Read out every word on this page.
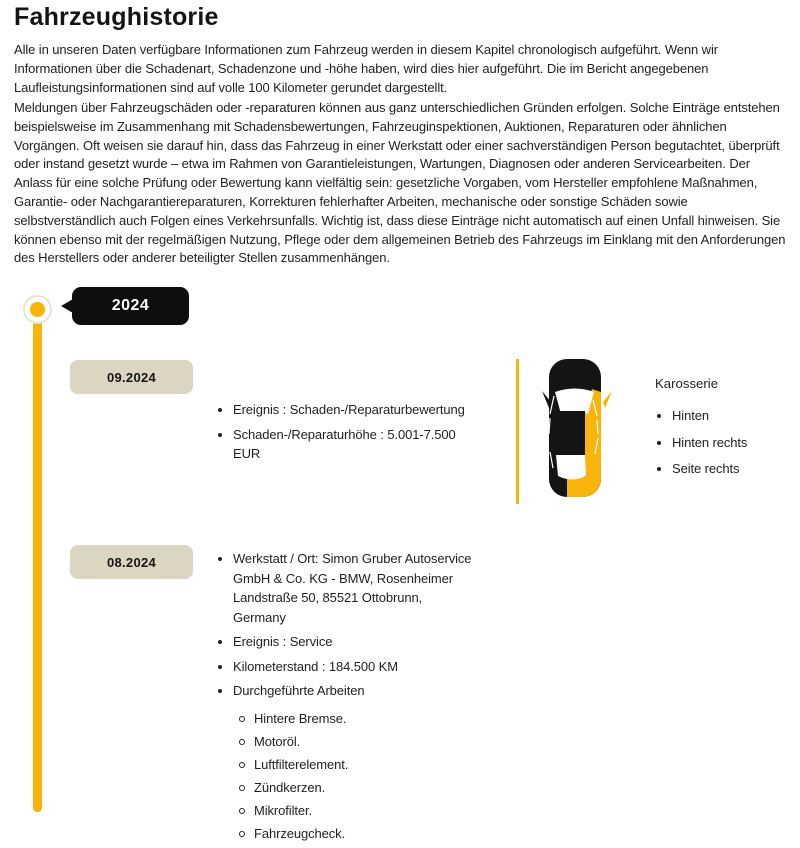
Fahrzeughistorie

Alle in unseren Daten verfügbare Informationen zum Fahrzeug werden in diesem Kapitel chronologisch aufgeführt. Wenn wir Informationen über die Schadenart, Schadenzone und -höhe haben, wird dies hier aufgeführt. Die im Bericht angegebenen Laufleistungsinformationen sind auf volle 100 Kilometer gerundet dargestellt.

Meldungen über Fahrzeugschäden oder -reparaturen können aus ganz unterschiedlichen Gründen erfolgen. Solche Einträge entstehen beispielsweise im Zusammenhang mit Schadensbewertungen, Fahrzeuginspektionen, Auktionen, Reparaturen oder ähnlichen Vorgängen. Oft weisen sie darauf hin, dass das Fahrzeug in einer Werkstatt oder einer sachverständigen Person begutachtet, überprüft oder instand gesetzt wurde – etwa im Rahmen von Garantieleistungen, Wartungen, Diagnosen oder anderen Servicearbeiten. Der Anlass für eine solche Prüfung oder Bewertung kann vielfältig sein: gesetzliche Vorgaben, vom Hersteller empfohlene Maßnahmen, Garantie- oder Nachgarantiereparaturen, Korrekturen fehlerhafter Arbeiten, mechanische oder sonstige Schäden sowie selbstverständlich auch Folgen eines Verkehrsunfalls. Wichtig ist, dass diese Einträge nicht automatisch auf einen Unfall hinweisen. Sie können ebenso mit der regelmäßigen Nutzung, Pflege oder dem allgemeinen Betrieb des Fahrzeugs im Einklang mit den Anforderungen des Herstellers oder anderer beteiligter Stellen zusammenhängen.

2024
09.2024
Ereignis : Schaden-/Reparaturbewertung
Schaden-/Reparaturhöhe : 5.001-7.500 EUR
Karosserie
Hinten
Hinten rechts
Seite rechts
08.2024	Werkstatt / Ort: Simon Gruber Autoservice GmbH & Co. KG - BMW, Rosenheimer Landstraße 50, 85521 Ottobrunn, Germany
Ereignis : Service
Kilometerstand : 184.500 KM
Durchgeführte Arbeiten
Hintere Bremse.
Motoröl.
Luftfilterelement.
Zündkerzen.
Mikrofilter.
Fahrzeugcheck.
